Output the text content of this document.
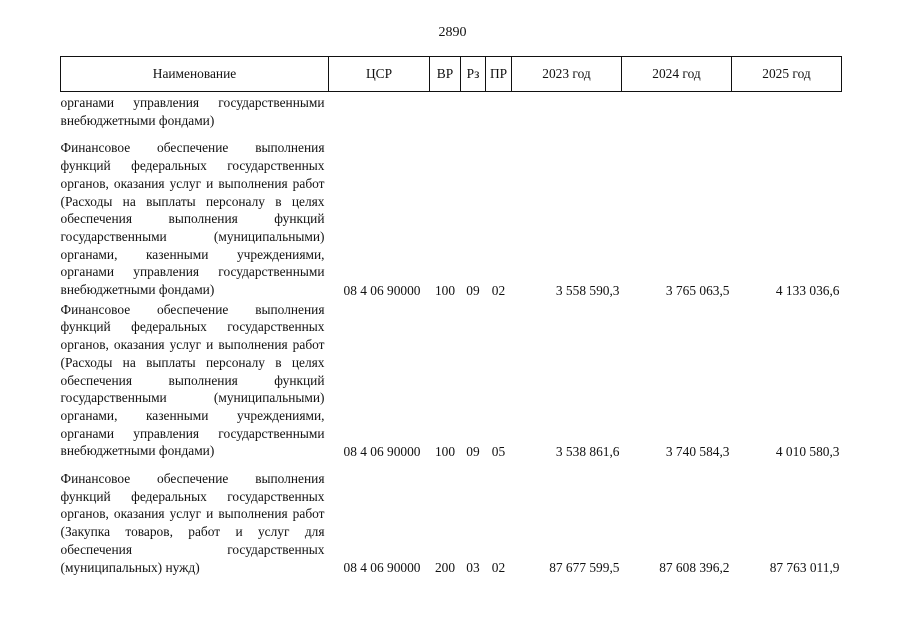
2890
Наименование	ЦСР	ВР	Рз	ПР	2023 год	2024 год	2025 год
органами управления государственными внебюджетными фондами)							

Финансовое обеспечение выполнения функций федеральных государственных органов, оказания услуг и выполнения работ (Расходы на выплаты персоналу в целях обеспечения выполнения функций государственными (муниципальными) органами, казенными учреждениями, органами управления государственными внебюджетными фондами)	08 4 06 90000	100	09	02	3 558 590,3	3 765 063,5	4 133 036,6
Финансовое обеспечение выполнения функций федеральных государственных органов, оказания услуг и выполнения работ (Расходы на выплаты персоналу в целях обеспечения выполнения функций государственными (муниципальными) органами, казенными учреждениями, органами управления государственными внебюджетными фондами)	08 4 06 90000	100	09	05	3 538 861,6	3 740 584,3	4 010 580,3

Финансовое обеспечение выполнения функций федеральных государственных органов, оказания услуг и выполнения работ (Закупка товаров, работ и услуг для обеспечения государственных (муниципальных) нужд)	08 4 06 90000	200	03	02	87 677 599,5	87 608 396,2	87 763 011,9
